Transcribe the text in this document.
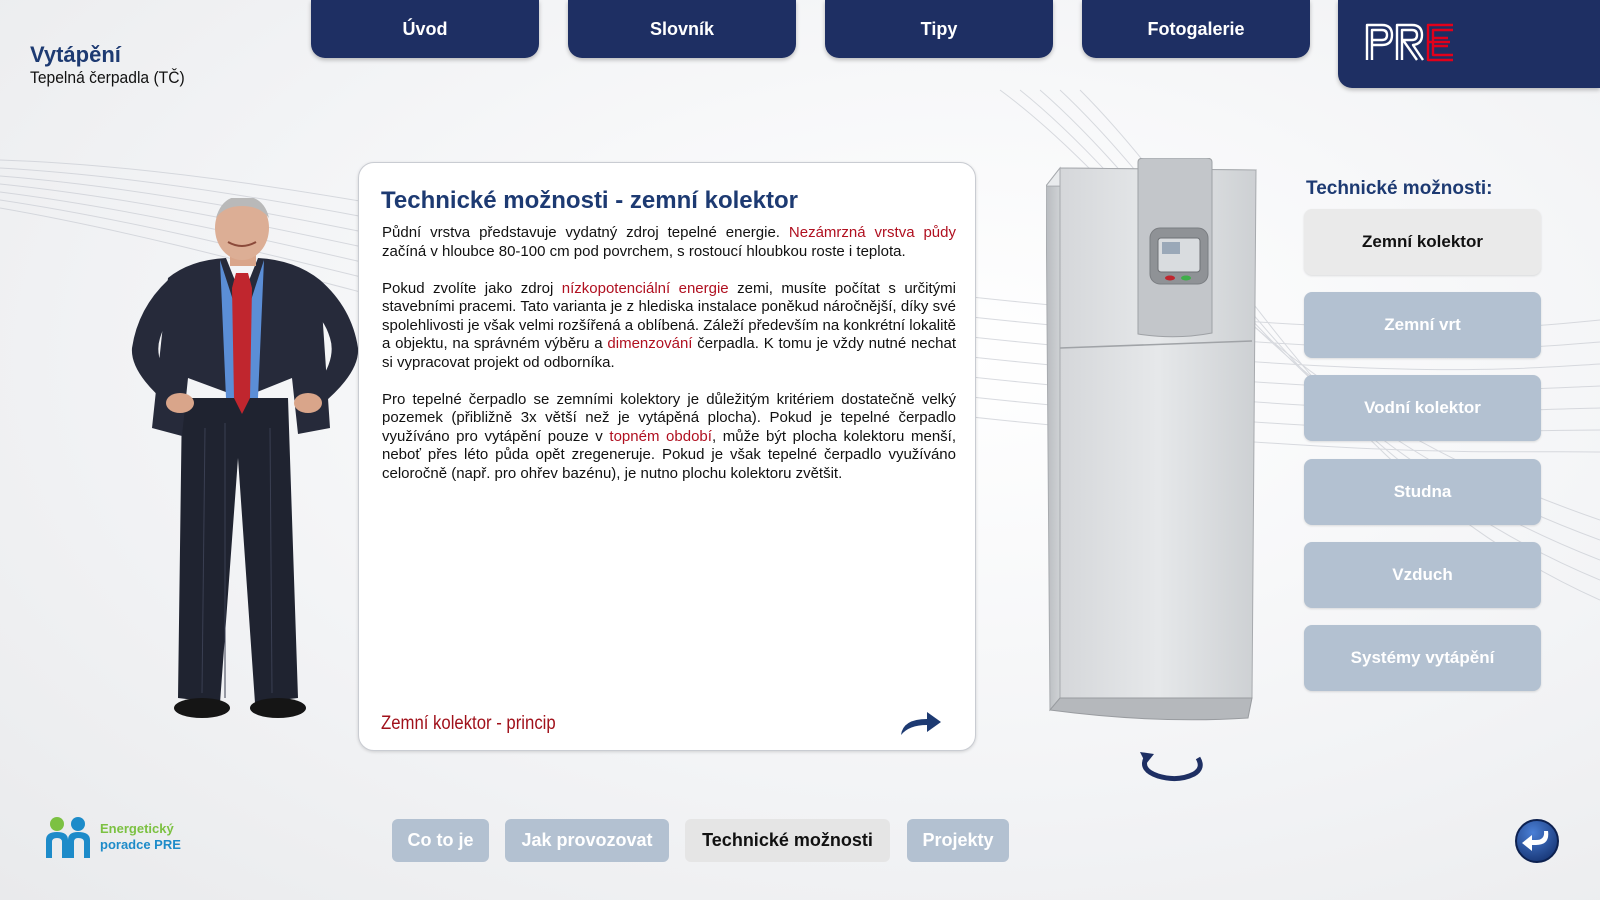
Vytápění
Tepelná čerpadla (TČ)
Úvod	Slovník	Tipy	Fotogalerie
Technické možnosti - zemní kolektor

Půdní vrstva představuje vydatný zdroj tepelné energie. Nezámrzná vrstva půdy začíná v hloubce 80-100 cm pod povrchem, s rostoucí hloubkou roste i teplota.

Pokud zvolíte jako zdroj nízkopotenciální energie zemi, musíte počítat s určitými stavebními pracemi. Tato varianta je z hlediska instalace poněkud náročnější, díky své spolehlivosti je však velmi rozšířená a oblíbená. Záleží především na konkrétní lokalitě a objektu, na správném výběru a dimenzování čerpadla. K tomu je vždy nutné nechat si vypracovat projekt od odborníka.

Pro tepelné čerpadlo se zemními kolektory je důležitým kritériem dostatečně velký pozemek (přibližně 3x větší než je vytápěná plocha). Pokud je tepelné čerpadlo využíváno pro vytápění pouze v topném období, může být plocha kolektoru menší, neboť přes léto půda opět zregeneruje. Pokud je však tepelné čerpadlo využíváno celoročně (např. pro ohřev bazénu), je nutno plochu kolektoru zvětšit.

Zemní kolektor - princip
Technické možnosti:
Zemní kolektor
Zemní vrt
Vodní kolektor
Studna
Vzduch
Systémy vytápění
Energetický
poradce PRE	Co to je	Jak provozovat	Technické možnosti	Projekty
